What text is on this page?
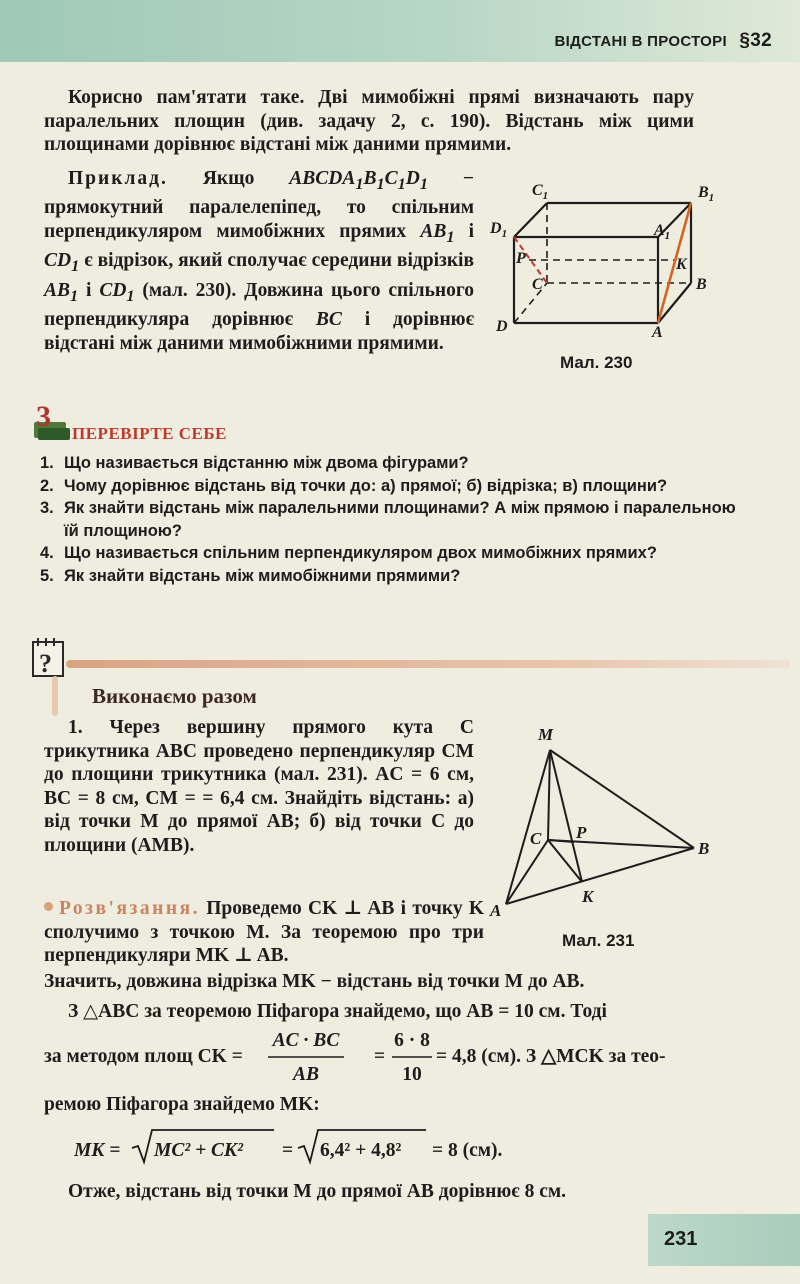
ВІДСТАНІ В ПРОСТОРІ §32
Корисно пам'ятати таке. Дві мимобіжні прямі визначають пару паралельних площин (див. задачу 2, с. 190). Відстань між цими площинами дорівнює відстані між даними прямими.
Приклад. Якщо $ABCDA_1B_1C_1D_1$ − прямокутний паралелепіпед, то спільним перпендикуляром мимобіжних прямих $AB_1$ і $CD_1$ є відрізок, який сполучає середини відрізків $AB_1$ і $CD_1$ (мал. 230). Довжина цього спільного перпендикуляра дорівнює BC і дорівнює відстані між даними мимобіжними прямими.
$C_1$	$B_1$
$D_1$	$A_1$
P	K
C	B
D	A
Мал. 230
3
ПЕРЕВІРТЕ СЕБЕ
1. Що називається відстанню між двома фігурами?
2. Чому дорівнює відстань від точки до: а) прямої; б) відрізка; в) площини?
3. Як знайти відстань між паралельними площинами? А між прямою і паралельною їй площиною?
4. Що називається спільним перпендикуляром двох мимобіжних прямих?
5. Як знайти відстань між мимобіжними прямими?
?
Виконаємо разом
1. Через вершину прямого кута C трикутника ABC проведено перпендикуляр CM до площини трикутника (мал. 231). AC = 6 см, BC = 8 см, CM = = 6,4 см. Знайдіть відстань: а) від точки M до прямої AB; б) від точки C до площини (AMB).
M
C P
B
K
A
Мал. 231
Розв'язання. Проведемо CK ⊥ AB і точку K сполучимо з точкою M. За теоремою про три перпендикуляри MK ⊥ AB.
Значить, довжина відрізка MK − відстань від точки M до AB.
З △ABC за теоремою Піфагора знайдемо, що AB = 10 см. Тоді
за методом площ CK =
AC · BC
AB
=
6 · 8
10
= 4,8 (см). З △MCK за тео-
ремою Піфагора знайдемо MK:
MK = MC² + CK² = 6,4² + 4,8² = 8 (см).
Отже, відстань від точки M до прямої AB дорівнює 8 см.
231
